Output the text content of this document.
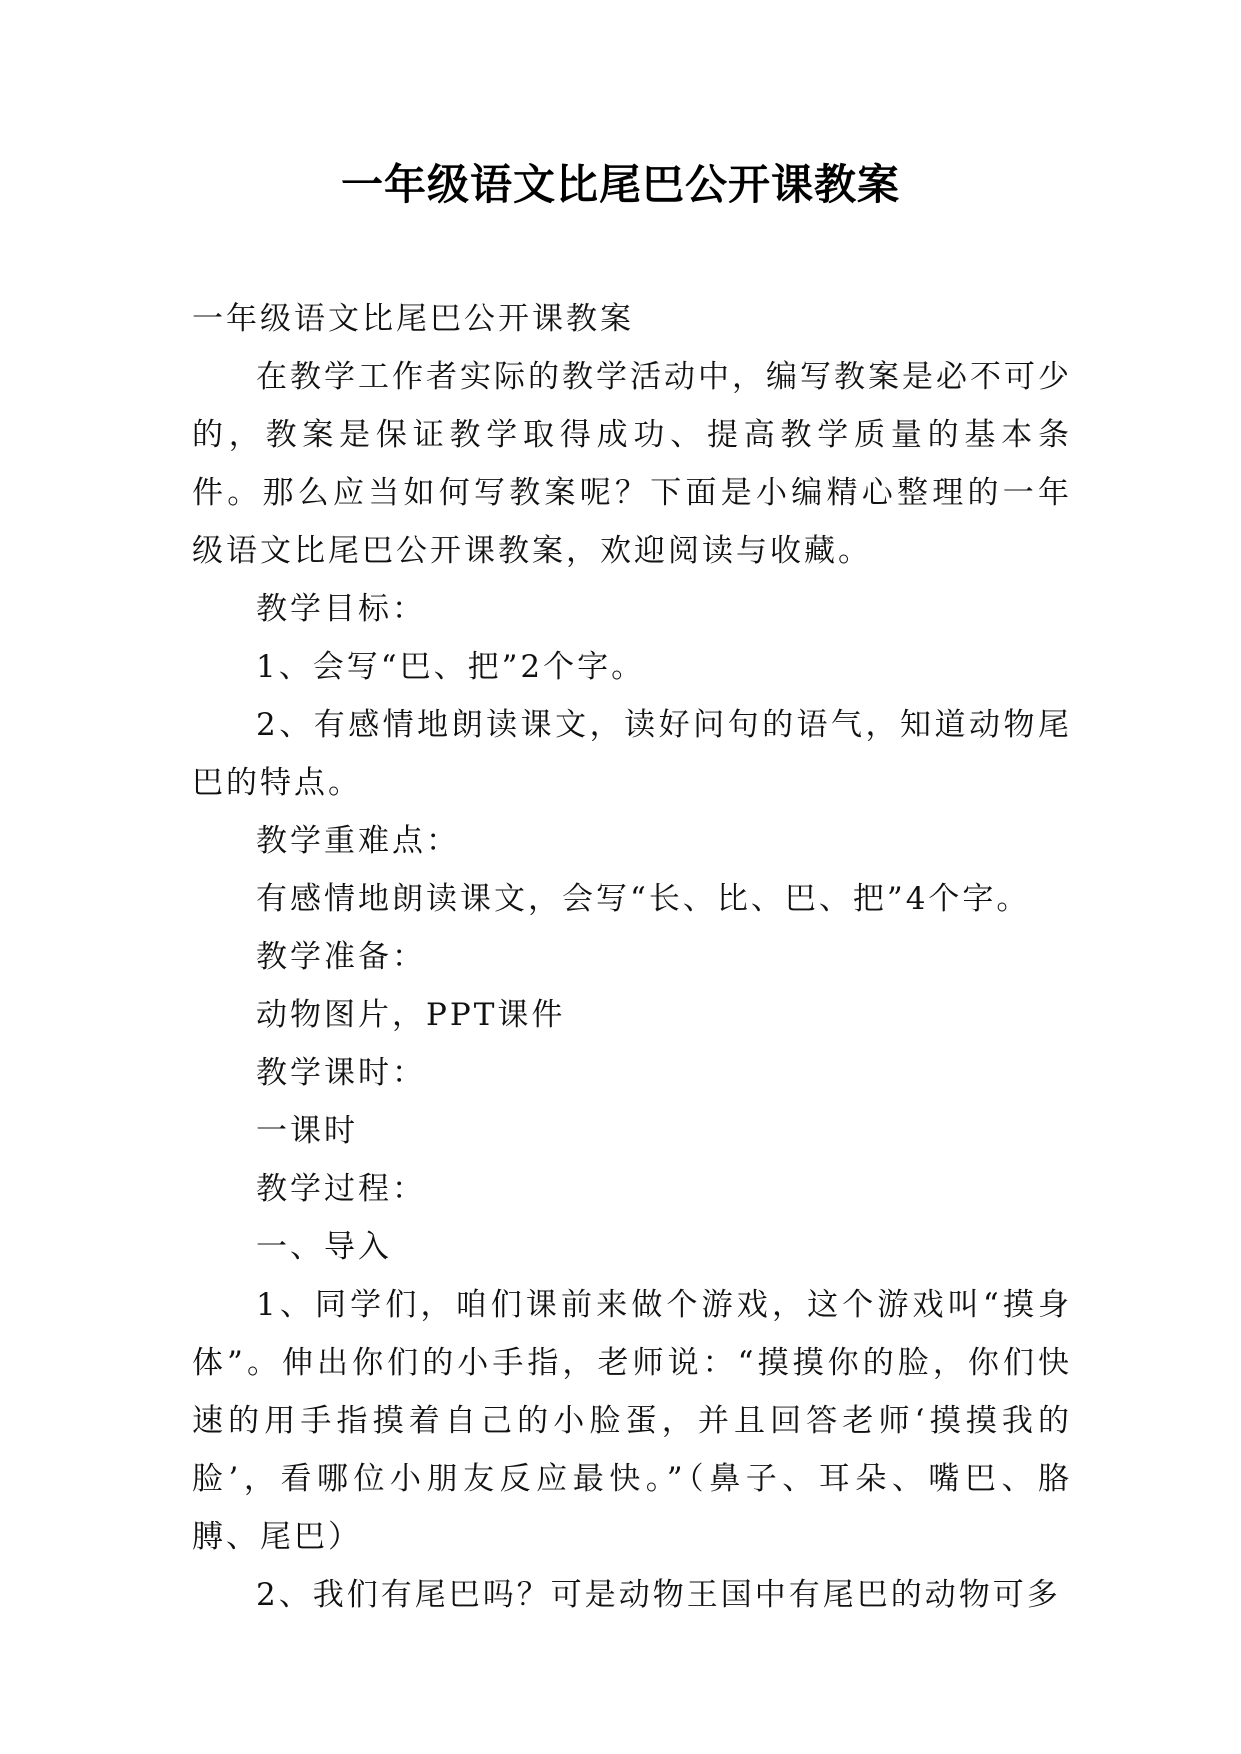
一年级语文比尾巴公开课教案

一年级语文比尾巴公开课教案

在教学工作者实际的教学活动中，编写教案是必不可少的，教案是保证教学取得成功、提高教学质量的基本条件。那么应当如何写教案呢？下面是小编精心整理的一年级语文比尾巴公开课教案，欢迎阅读与收藏。

教学目标：

1、会写“巴、把”2个字。

2、有感情地朗读课文，读好问句的语气，知道动物尾巴的特点。

教学重难点：

有感情地朗读课文，会写“长、比、巴、把”4个字。

教学准备：

动物图片，PPT课件

教学课时：

一课时

教学过程：

一、导入

1、同学们，咱们课前来做个游戏，这个游戏叫“摸身体”。伸出你们的小手指，老师说：“摸摸你的脸，你们快速的用手指摸着自己的小脸蛋，并且回答老师‘摸摸我的脸’，看哪位小朋友反应最快。”（鼻子、耳朵、嘴巴、胳膊、尾巴）

2、我们有尾巴吗？可是动物王国中有尾巴的动物可多
